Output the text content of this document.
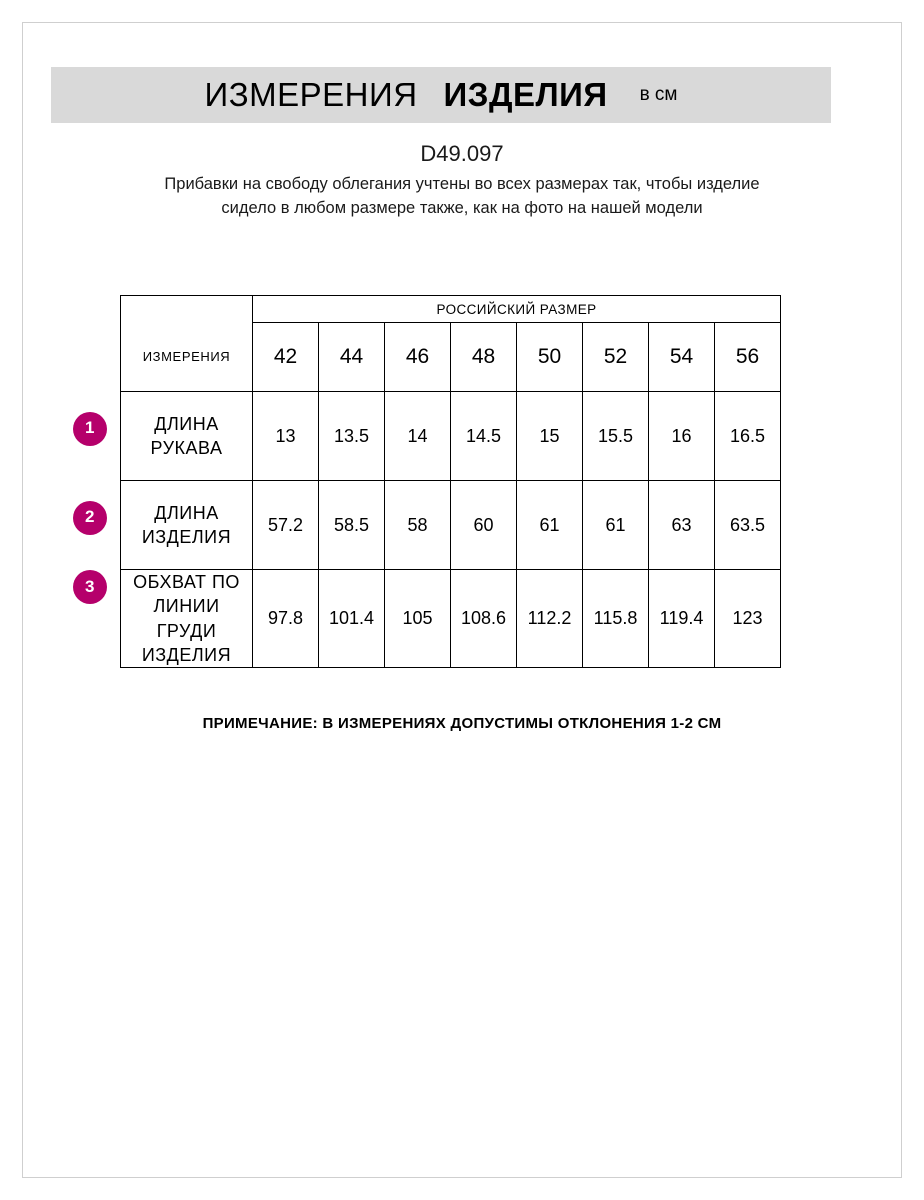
ИЗМЕРЕНИЯ ИЗДЕЛИЯ в см
D49.097
Прибавки на свободу облегания учтены во всех размерах так, чтобы изделие сидело в любом размере также, как на фото на нашей модели
	РОССИЙСКИЙ РАЗМЕР							
ИЗМЕРЕНИЯ	42	44	46	48	50	52	54	56

1 ДЛИНА РУКАВА	13	13.5	14	14.5	15	15.5	16	16.5

2 ДЛИНА ИЗДЕЛИЯ	57.2	58.5	58	60	61	61	63	63.5

3 ОБХВАТ ПО ЛИНИИ ГРУДИ ИЗДЕЛИЯ	97.8	101.4	105	108.6	112.2	115.8	119.4	123
ПРИМЕЧАНИЕ: В ИЗМЕРЕНИЯХ ДОПУСТИМЫ ОТКЛОНЕНИЯ 1-2 СМ
